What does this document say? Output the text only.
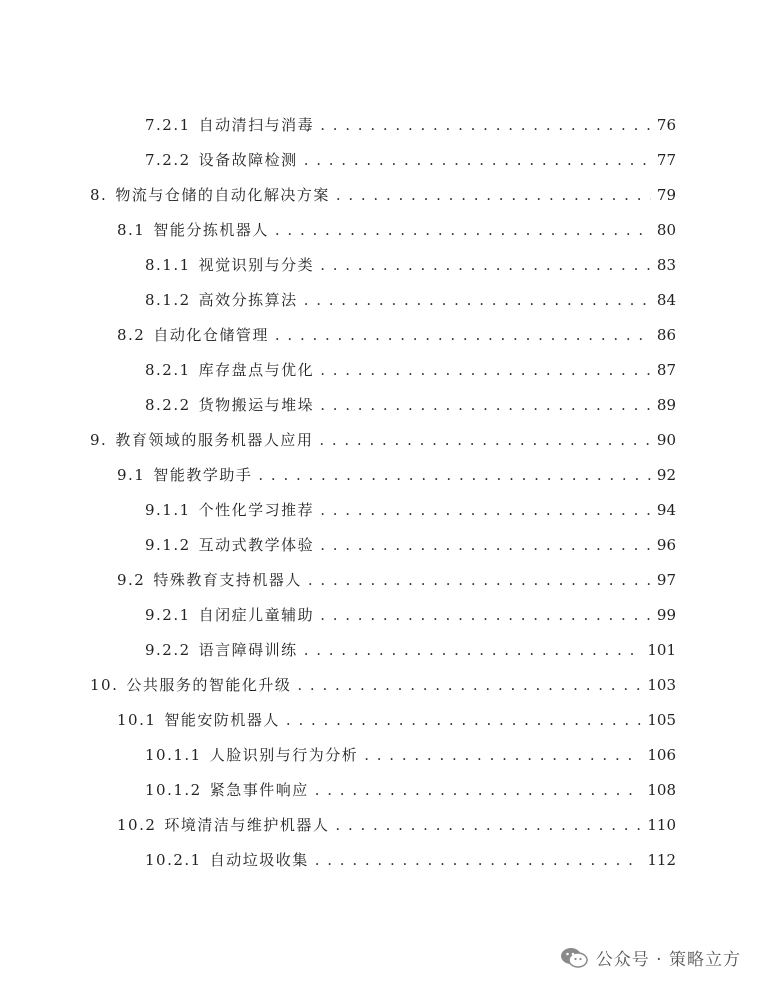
7.2.1 自动清扫与消毒 . . .	76
7.2.2 设备故障检测 . . .	77
8. 物流与仓储的自动化解决方案 . . .	79
8.1 智能分拣机器人 . . .	80
8.1.1 视觉识别与分类 . . .	83
8.1.2 高效分拣算法 . . .	84
8.2 自动化仓储管理 . . .	86
8.2.1 库存盘点与优化 . . .	87
8.2.2 货物搬运与堆垛 . . .	89
9. 教育领域的服务机器人应用 . . .	90
9.1 智能教学助手 . . .	92
9.1.1 个性化学习推荐 . . .	94
9.1.2 互动式教学体验 . . .	96
9.2 特殊教育支持机器人 . . .	97
9.2.1 自闭症儿童辅助 . . .	99
9.2.2 语言障碍训练 . . .	101
10. 公共服务的智能化升级 . . .	103
10.1 智能安防机器人 . . .	105
10.1.1 人脸识别与行为分析 . . .	106
10.1.2 紧急事件响应 . . .	108
10.2 环境清洁与维护机器人 . . .	110
10.2.1 自动垃圾收集 . . .	112
公众号 · 策略立方
